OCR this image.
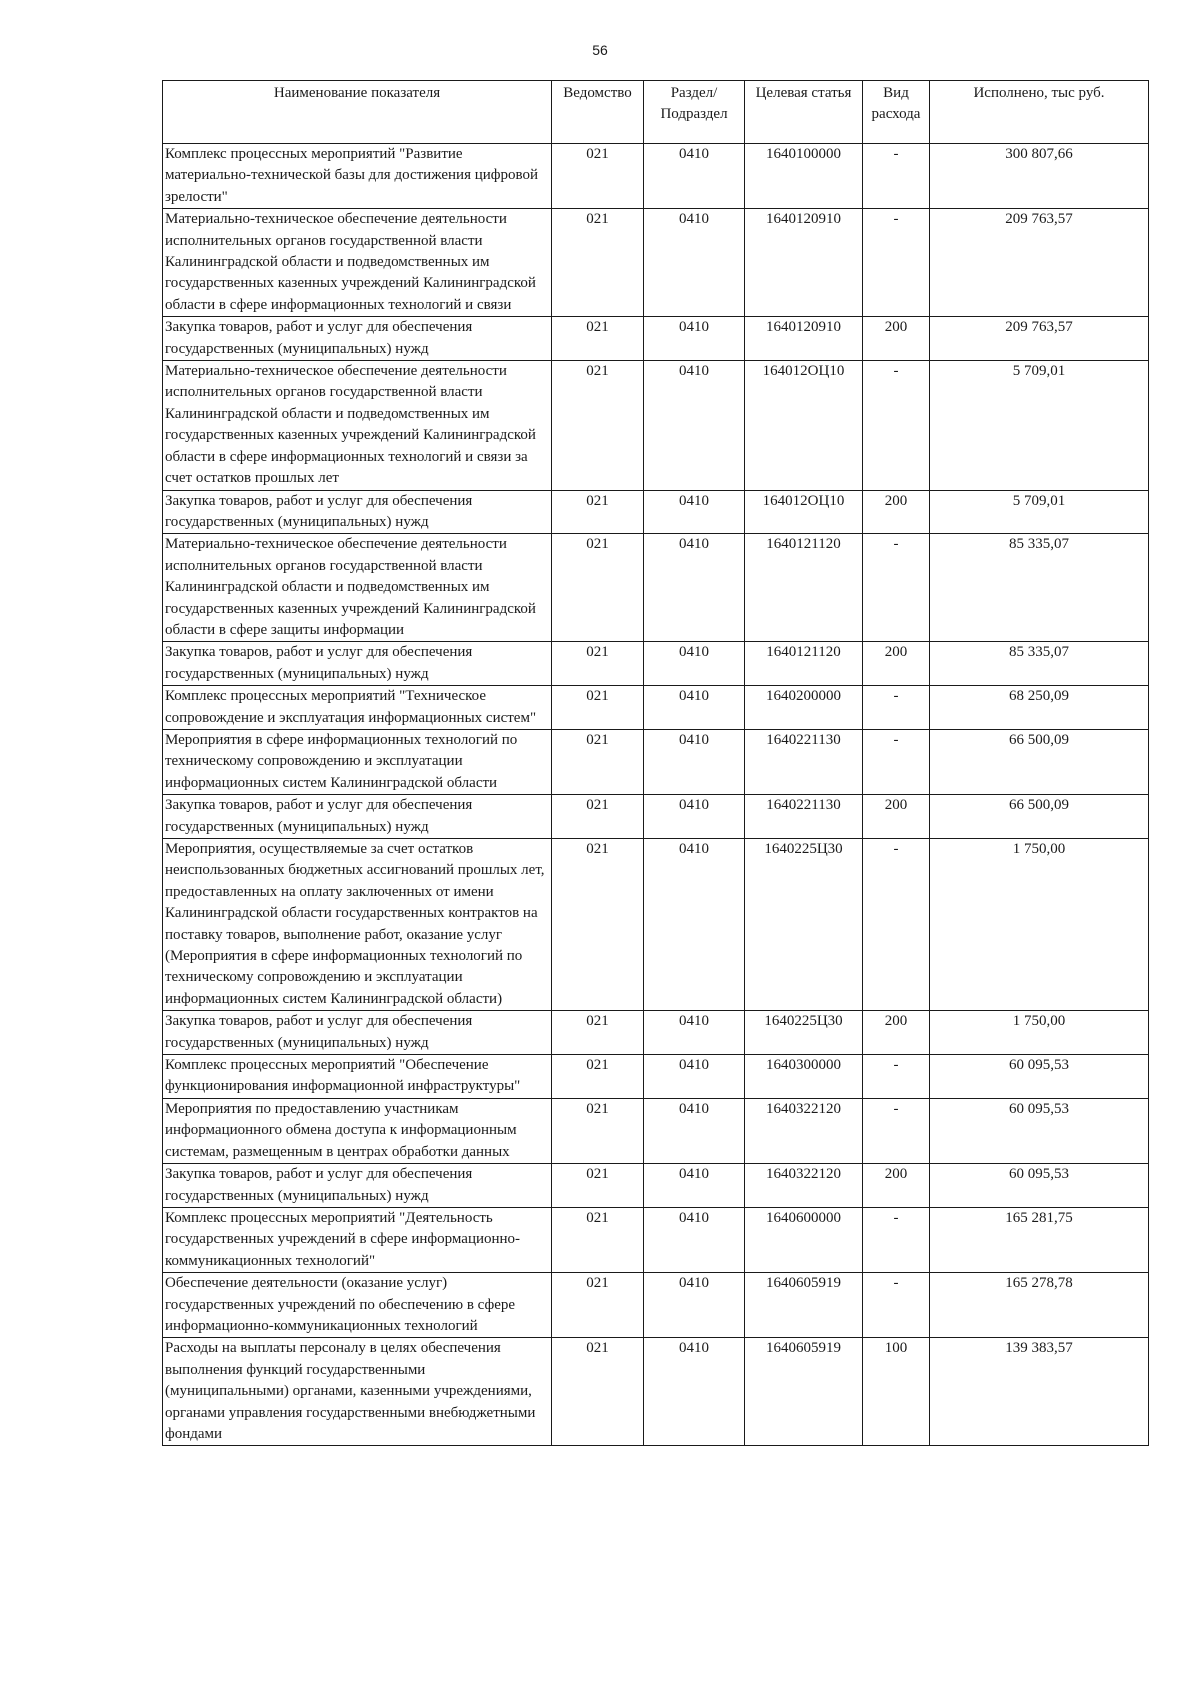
56
Наименование показателя	Ведомство	Раздел/ Подраздел	Целевая статья	Вид расхода	Исполнено, тыс руб.
Комплекс процессных мероприятий "Развитие материально-технической базы для достижения цифровой зрелости"	021	0410	1640100000	-	300 807,66
Материально-техническое обеспечение деятельности исполнительных органов государственной власти Калининградской области и подведомственных им государственных казенных учреждений Калининградской области в сфере информационных технологий и связи	021	0410	1640120910	-	209 763,57
Закупка товаров, работ и услуг для обеспечения государственных (муниципальных) нужд	021	0410	1640120910	200	209 763,57
Материально-техническое обеспечение деятельности исполнительных органов государственной власти Калининградской области и подведомственных им государственных казенных учреждений Калининградской области в сфере информационных технологий и связи за счет остатков прошлых лет	021	0410	164012ОЦ10	-	5 709,01
Закупка товаров, работ и услуг для обеспечения государственных (муниципальных) нужд	021	0410	164012ОЦ10	200	5 709,01
Материально-техническое обеспечение деятельности исполнительных органов государственной власти Калининградской области и подведомственных им государственных казенных учреждений Калининградской области в сфере защиты информации	021	0410	1640121120	-	85 335,07
Закупка товаров, работ и услуг для обеспечения государственных (муниципальных) нужд	021	0410	1640121120	200	85 335,07
Комплекс процессных мероприятий "Техническое сопровождение и эксплуатация информационных систем"	021	0410	1640200000	-	68 250,09
Мероприятия в сфере информационных технологий по техническому сопровождению и эксплуатации информационных систем Калининградской области	021	0410	1640221130	-	66 500,09
Закупка товаров, работ и услуг для обеспечения государственных (муниципальных) нужд	021	0410	1640221130	200	66 500,09
Мероприятия, осуществляемые за счет остатков неиспользованных бюджетных ассигнований прошлых лет, предоставленных на оплату заключенных от имени Калининградской области государственных контрактов на поставку товаров, выполнение работ, оказание услуг (Мероприятия в сфере информационных технологий по техническому сопровождению и эксплуатации информационных систем Калининградской области)	021	0410	1640225Ц30	-	1 750,00
Закупка товаров, работ и услуг для обеспечения государственных (муниципальных) нужд	021	0410	1640225Ц30	200	1 750,00
Комплекс процессных мероприятий "Обеспечение функционирования информационной инфраструктуры"	021	0410	1640300000	-	60 095,53
Мероприятия по предоставлению участникам информационного обмена доступа к информационным системам, размещенным в центрах обработки данных	021	0410	1640322120	-	60 095,53
Закупка товаров, работ и услуг для обеспечения государственных (муниципальных) нужд	021	0410	1640322120	200	60 095,53
Комплекс процессных мероприятий "Деятельность государственных учреждений в сфере информационно-коммуникационных технологий"	021	0410	1640600000	-	165 281,75
Обеспечение деятельности (оказание услуг) государственных учреждений по обеспечению в сфере информационно-коммуникационных технологий	021	0410	1640605919	-	165 278,78
Расходы на выплаты персоналу в целях обеспечения выполнения функций государственными (муниципальными) органами, казенными учреждениями, органами управления государственными внебюджетными фондами	021	0410	1640605919	100	139 383,57
